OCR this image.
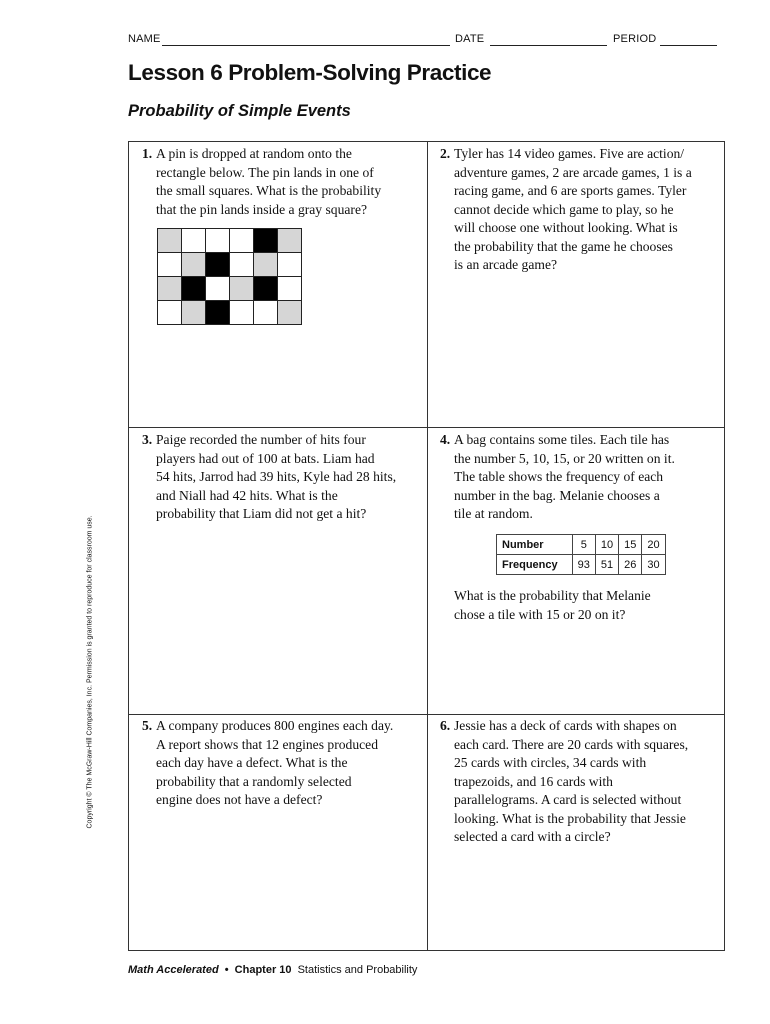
NAME	DATE	PERIOD
Lesson 6 Problem-Solving Practice
Probability of Simple Events
1. A pin is dropped at random onto the
rectangle below. The pin lands in one of
the small squares. What is the probability
that the pin lands inside a gray square?

2. Tyler has 14 video games. Five are action/
adventure games, 2 are arcade games, 1 is a
racing game, and 6 are sports games. Tyler
cannot decide which game to play, so he
will choose one without looking. What is
the probability that the game he chooses
is an arcade game?
3. Paige recorded the number of hits four
players had out of 100 at bats. Liam had
54 hits, Jarrod had 39 hits, Kyle had 28 hits,
and Niall had 42 hits. What is the
probability that Liam did not get a hit?
4. A bag contains some tiles. Each tile has
the number 5, 10, 15, or 20 written on it.
The table shows the frequency of each
number in the bag. Melanie chooses a
tile at random.
Number	5	10	15	20
Frequency	93	51	26	30
What is the probability that Melanie
chose a tile with 15 or 20 on it?
5. A company produces 800 engines each day.
A report shows that 12 engines produced
each day have a defect. What is the
probability that a randomly selected
engine does not have a defect?
6. Jessie has a deck of cards with shapes on
each card. There are 20 cards with squares,
25 cards with circles, 34 cards with
trapezoids, and 16 cards with
parallelograms. A card is selected without
looking. What is the probability that Jessie
selected a card with a circle?
Copyright © The McGraw-Hill Companies, Inc. Permission is granted to reproduce for classroom use.
Math Accelerated • Chapter 10 Statistics and Probability
